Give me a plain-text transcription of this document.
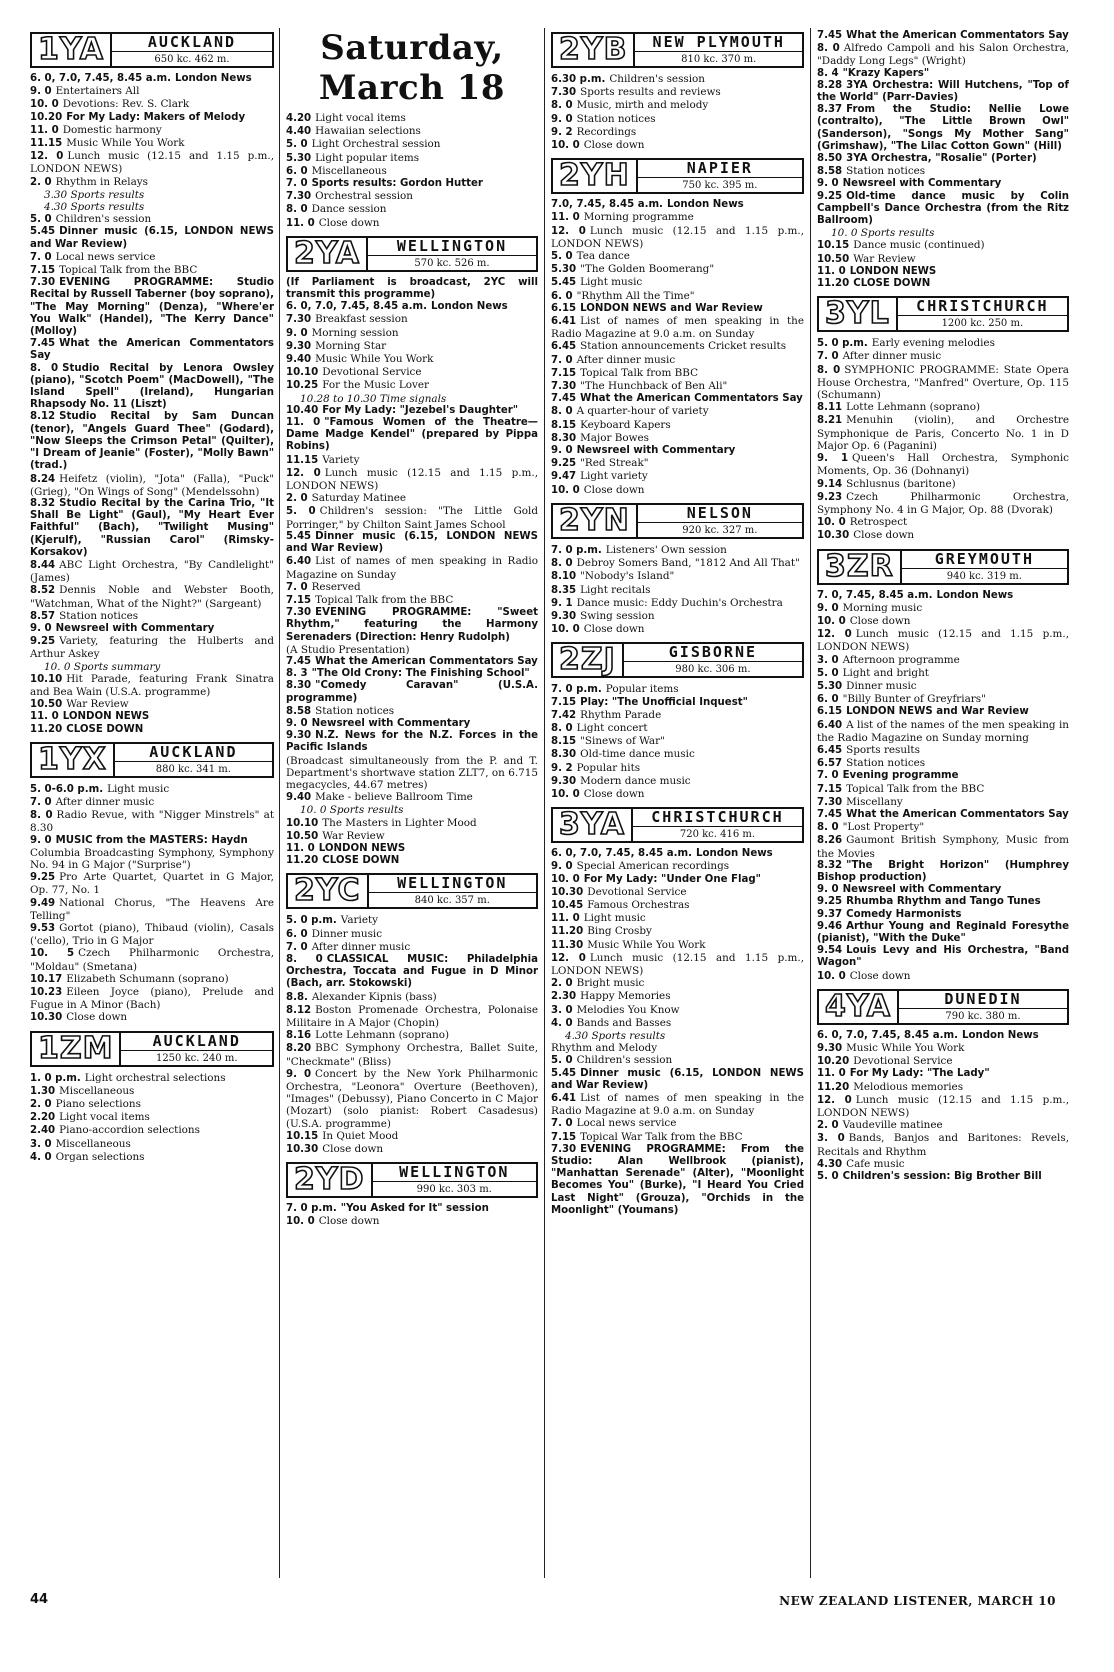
1YA	AUCKLAND
650 kc. 462 m.

6. 0, 7.0, 7.45, 8.45 a.m. London News

9. 0 Entertainers All

10. 0 Devotions: Rev. S. Clark

10.20 For My Lady: Makers of Melody

11. 0 Domestic harmony

11.15 Music While You Work

12. 0 Lunch music (12.15 and 1.15 p.m., LONDON NEWS)

2. 0 Rhythm in Relays

3.30 Sports results

4.30 Sports results

5. 0 Children's session

5.45 Dinner music (6.15, LONDON NEWS and War Review)

7. 0 Local news service

7.15 Topical Talk from the BBC

7.30 EVENING PROGRAMME: Studio Recital by Russell Taberner (boy soprano), "The May Morning" (Denza), "Where'er You Walk" (Handel), "The Kerry Dance" (Molloy)

7.45 What the American Commentators Say

8. 0 Studio Recital by Lenora Owsley (piano), "Scotch Poem" (MacDowell), "The Island Spell" (Ireland), Hungarian Rhapsody No. 11 (Liszt)

8.12 Studio Recital by Sam Duncan (tenor), "Angels Guard Thee" (Godard), "Now Sleeps the Crimson Petal" (Quilter), "I Dream of Jeanie" (Foster), "Molly Bawn" (trad.)

8.24 Heifetz (violin), "Jota" (Falla), "Puck" (Grieg), "On Wings of Song" (Mendelssohn)

8.32 Studio Recital by the Carina Trio, "It Shall Be Light" (Gaul), "My Heart Ever Faithful" (Bach), "Twilight Musing" (Kjerulf), "Russian Carol" (Rimsky-Korsakov)

8.44 ABC Light Orchestra, "By Candlelight" (James)

8.52 Dennis Noble and Webster Booth, "Watchman, What of the Night?" (Sargeant)

8.57 Station notices

9. 0 Newsreel with Commentary

9.25 Variety, featuring the Hulberts and Arthur Askey

10. 0 Sports summary

10.10 Hit Parade, featuring Frank Sinatra and Bea Wain (U.S.A. programme)

10.50 War Review

11. 0 LONDON NEWS

11.20 CLOSE DOWN

1YX	AUCKLAND
880 kc. 341 m.

5. 0-6.0 p.m. Light music

7. 0 After dinner music

8. 0 Radio Revue, with "Nigger Minstrels" at 8.30

9. 0 MUSIC from the MASTERS: Haydn

Columbia Broadcasting Symphony, Symphony No. 94 in G Major ("Surprise")

9.25 Pro Arte Quartet, Quartet in G Major, Op. 77, No. 1

9.49 National Chorus, "The Heavens Are Telling"

9.53 Gortot (piano), Thibaud (violin), Casals ('cello), Trio in G Major

10. 5 Czech Philharmonic Orchestra, "Moldau" (Smetana)

10.17 Elizabeth Schumann (soprano)

10.23 Eileen Joyce (piano), Prelude and Fugue in A Minor (Bach)

10.30 Close down

1ZM	AUCKLAND
1250 kc. 240 m.

1. 0 p.m. Light orchestral selections

1.30 Miscellaneous

2. 0 Piano selections

2.20 Light vocal items

2.40 Piano-accordion selections

3. 0 Miscellaneous

4. 0 Organ selections

Saturday, March 18

4.20 Light vocal items

4.40 Hawaiian selections

5. 0 Light Orchestral session

5.30 Light popular items

6. 0 Miscellaneous

7. 0 Sports results: Gordon Hutter

7.30 Orchestral session

8. 0 Dance session

11. 0 Close down

2YA	WELLINGTON
570 kc. 526 m.

(If Parliament is broadcast, 2YC will transmit this programme)

6. 0, 7.0, 7.45, 8.45 a.m. London News

7.30 Breakfast session

9. 0 Morning session

9.30 Morning Star

9.40 Music While You Work

10.10 Devotional Service

10.25 For the Music Lover

10.28 to 10.30 Time signals

10.40 For My Lady: "Jezebel's Daughter"

11. 0 "Famous Women of the Theatre—Dame Madge Kendel" (prepared by Pippa Robins)

11.15 Variety

12. 0 Lunch music (12.15 and 1.15 p.m., LONDON NEWS)

2. 0 Saturday Matinee

5. 0 Children's session: "The Little Gold Porringer," by Chilton Saint James School

5.45 Dinner music (6.15, LONDON NEWS and War Review)

6.40 List of names of men speaking in Radio Magazine on Sunday

7. 0 Reserved

7.15 Topical Talk from the BBC

7.30 EVENING PROGRAMME: "Sweet Rhythm," featuring the Harmony Serenaders (Direction: Henry Rudolph)

(A Studio Presentation)

7.45 What the American Commentators Say

8. 3 "The Old Crony: The Finishing School"

8.30 "Comedy Caravan" (U.S.A. programme)

8.58 Station notices

9. 0 Newsreel with Commentary

9.30 N.Z. News for the N.Z. Forces in the Pacific Islands

(Broadcast simultaneously from the P. and T. Department's shortwave station ZLT7, on 6.715 megacycles, 44.67 metres)

9.40 Make - believe Ballroom Time

10. 0 Sports results

10.10 The Masters in Lighter Mood

10.50 War Review

11. 0 LONDON NEWS

11.20 CLOSE DOWN

2YC	WELLINGTON
840 kc. 357 m.

5. 0 p.m. Variety

6. 0 Dinner music

7. 0 After dinner music

8. 0 CLASSICAL MUSIC: Philadelphia Orchestra, Toccata and Fugue in D Minor (Bach, arr. Stokowski)

8.8. Alexander Kipnis (bass)

8.12 Boston Promenade Orchestra, Polonaise Militaire in A Major (Chopin)

8.16 Lotte Lehmann (soprano)

8.20 BBC Symphony Orchestra, Ballet Suite, "Checkmate" (Bliss)

9. 0 Concert by the New York Philharmonic Orchestra, "Leonora" Overture (Beethoven), "Images" (Debussy), Piano Concerto in C Major (Mozart) (solo pianist: Robert Casadesus) (U.S.A. programme)

10.15 In Quiet Mood

10.30 Close down

2YD	WELLINGTON
990 kc. 303 m.

7. 0 p.m. "You Asked for It" session

10. 0 Close down

2YB	NEW PLYMOUTH
810 kc. 370 m.

6.30 p.m. Children's session

7.30 Sports results and reviews

8. 0 Music, mirth and melody

9. 0 Station notices

9. 2 Recordings

10. 0 Close down

2YH	NAPIER
750 kc. 395 m.

7.0, 7.45, 8.45 a.m. London News

11. 0 Morning programme

12. 0 Lunch music (12.15 and 1.15 p.m., LONDON NEWS)

5. 0 Tea dance

5.30 "The Golden Boomerang"

5.45 Light music

6. 0 "Rhythm All the Time"

6.15 LONDON NEWS and War Review

6.41 List of names of men speaking in the Radio Magazine at 9.0 a.m. on Sunday

6.45 Station announcements Cricket results

7. 0 After dinner music

7.15 Topical Talk from BBC

7.30 "The Hunchback of Ben Ali"

7.45 What the American Commentators Say

8. 0 A quarter-hour of variety

8.15 Keyboard Kapers

8.30 Major Bowes

9. 0 Newsreel with Commentary

9.25 "Red Streak"

9.47 Light variety

10. 0 Close down

2YN	NELSON
920 kc. 327 m.

7. 0 p.m. Listeners' Own session

8. 0 Debroy Somers Band, "1812 And All That"

8.10 "Nobody's Island"

8.35 Light recitals

9. 1 Dance music: Eddy Duchin's Orchestra

9.30 Swing session

10. 0 Close down

2ZJ	GISBORNE
980 kc. 306 m.

7. 0 p.m. Popular items

7.15 Play: "The Unofficial Inquest"

7.42 Rhythm Parade

8. 0 Light concert

8.15 "Sinews of War"

8.30 Old-time dance music

9. 2 Popular hits

9.30 Modern dance music

10. 0 Close down

3YA	CHRISTCHURCH
720 kc. 416 m.

6. 0, 7.0, 7.45, 8.45 a.m. London News

9. 0 Special American recordings

10. 0 For My Lady: "Under One Flag"

10.30 Devotional Service

10.45 Famous Orchestras

11. 0 Light music

11.20 Bing Crosby

11.30 Music While You Work

12. 0 Lunch music (12.15 and 1.15 p.m., LONDON NEWS)

2. 0 Bright music

2.30 Happy Memories

3. 0 Melodies You Know

4. 0 Bands and Basses

4.30 Sports results

Rhythm and Melody

5. 0 Children's session

5.45 Dinner music (6.15, LONDON NEWS and War Review)

6.41 List of names of men speaking in the Radio Magazine at 9.0 a.m. on Sunday

7. 0 Local news service

7.15 Topical War Talk from the BBC

7.30 EVENING PROGRAMME: From the Studio: Alan Wellbrook (pianist), "Manhattan Serenade" (Alter), "Moonlight Becomes You" (Burke), "I Heard You Cried Last Night" (Grouza), "Orchids in the Moonlight" (Youmans)

7.45 What the American Commentators Say

8. 0 Alfredo Campoli and his Salon Orchestra, "Daddy Long Legs" (Wright)

8. 4 "Krazy Kapers"

8.28 3YA Orchestra: Will Hutchens, "Top of the World" (Parr-Davies)

8.37 From the Studio: Nellie Lowe (contralto), "The Little Brown Owl" (Sanderson), "Songs My Mother Sang" (Grimshaw), "The Lilac Cotton Gown" (Hill)

8.50 3YA Orchestra, "Rosalie" (Porter)

8.58 Station notices

9. 0 Newsreel with Commentary

9.25 Old-time dance music by Colin Campbell's Dance Orchestra (from the Ritz Ballroom)

10. 0 Sports results

10.15 Dance music (continued)

10.50 War Review

11. 0 LONDON NEWS

11.20 CLOSE DOWN

3YL	CHRISTCHURCH
1200 kc. 250 m.

5. 0 p.m. Early evening melodies

7. 0 After dinner music

8. 0 SYMPHONIC PROGRAMME: State Opera House Orchestra, "Manfred" Overture, Op. 115 (Schumann)

8.11 Lotte Lehmann (soprano)

8.21 Menuhin (violin), and Orchestre Symphonique de Paris, Concerto No. 1 in D Major Op. 6 (Paganini)

9. 1 Queen's Hall Orchestra, Symphonic Moments, Op. 36 (Dohnanyi)

9.14 Schlusnus (baritone)

9.23 Czech Philharmonic Orchestra, Symphony No. 4 in G Major, Op. 88 (Dvorak)

10. 0 Retrospect

10.30 Close down

3ZR	GREYMOUTH
940 kc. 319 m.

7. 0, 7.45, 8.45 a.m. London News

9. 0 Morning music

10. 0 Close down

12. 0 Lunch music (12.15 and 1.15 p.m., LONDON NEWS)

3. 0 Afternoon programme

5. 0 Light and bright

5.30 Dinner music

6. 0 "Billy Bunter of Greyfriars"

6.15 LONDON NEWS and War Review

6.40 A list of the names of the men speaking in the Radio Magazine on Sunday morning

6.45 Sports results

6.57 Station notices

7. 0 Evening programme

7.15 Topical Talk from the BBC

7.30 Miscellany

7.45 What the American Commentators Say

8. 0 "Lost Property"

8.26 Gaumont British Symphony, Music from the Movies

8.32 "The Bright Horizon" (Humphrey Bishop production)

9. 0 Newsreel with Commentary

9.25 Rhumba Rhythm and Tango Tunes

9.37 Comedy Harmonists

9.46 Arthur Young and Reginald Foresythe (pianist), "With the Duke"

9.54 Louis Levy and His Orchestra, "Band Wagon"

10. 0 Close down

4YA	DUNEDIN
790 kc. 380 m.

6. 0, 7.0, 7.45, 8.45 a.m. London News

9.30 Music While You Work

10.20 Devotional Service

11. 0 For My Lady: "The Lady"

11.20 Melodious memories

12. 0 Lunch music (12.15 and 1.15 p.m., LONDON NEWS)

2. 0 Vaudeville matinee

3. 0 Bands, Banjos and Baritones: Revels, Recitals and Rhythm

4.30 Cafe music

5. 0 Children's session: Big Brother Bill

44	NEW ZEALAND LISTENER, MARCH 10
